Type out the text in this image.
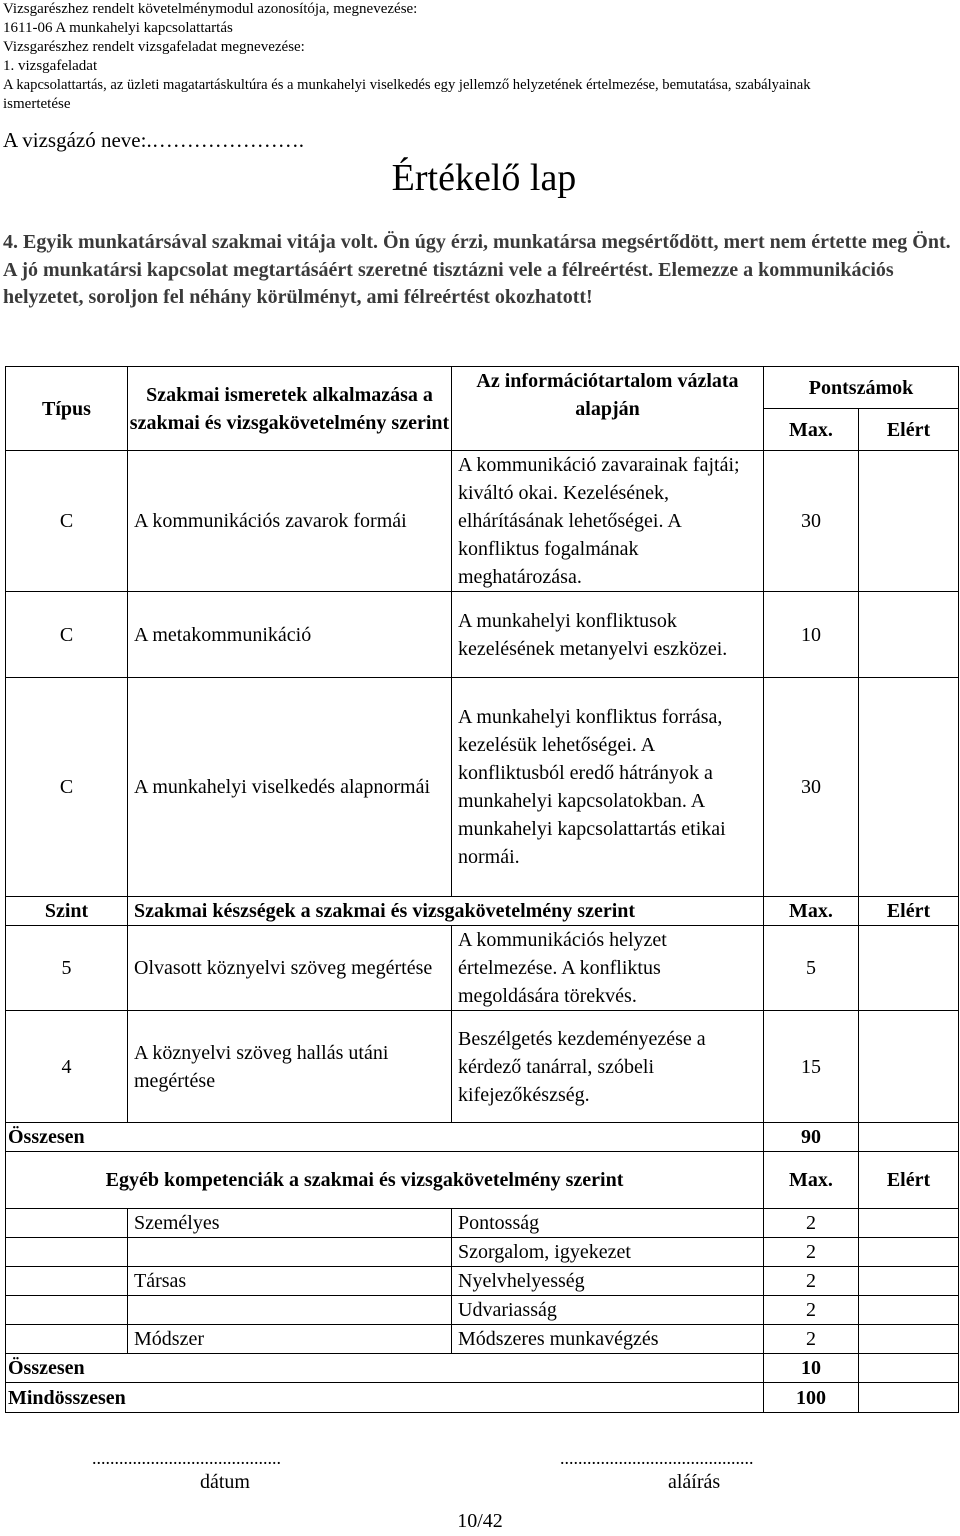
Vizsgarészhez rendelt követelménymodul azonosítója, megnevezése:
1611-06 A munkahelyi kapcsolattartás
Vizsgarészhez rendelt vizsgafeladat megnevezése:
1. vizsgafeladat
A kapcsolattartás, az üzleti magatartáskultúra és a munkahelyi viselkedés egy jellemző helyzetének értelmezése, bemutatása, szabályainak
ismertetése
A vizsgázó neve:.………………….
Értékelő lap
4. Egyik munkatársával szakmai vitája volt. Ön úgy érzi, munkatársa megsértődött, mert nem értette meg Önt. A jó munkatársi kapcsolat megtartásáért szeretné tisztázni vele a félreértést. Elemezze a kommunikációs helyzetet, soroljon fel néhány körülményt, ami félreértést okozhatott!
Típus	Szakmai ismeretek alkalmazása a szakmai és vizsgakövetelmény szerint	Az információtartalom vázlata alapján	Pontszámok	
			Max.	Elért
C	A kommunikációs zavarok formái	A kommunikáció zavarainak fajtái; kiváltó okai. Kezelésének, elhárításának lehetőségei. A konfliktus fogalmának meghatározása.	30	
C	A metakommunikáció	A munkahelyi konfliktusok kezelésének metanyelvi eszközei.	10	
C	A munkahelyi viselkedés alapnormái	A munkahelyi konfliktus forrása, kezelésük lehetőségei. A konfliktusból eredő hátrányok a munkahelyi kapcsolatokban. A munkahelyi kapcsolattartás etikai normái.	30	
Szint	Szakmai készségek a szakmai és vizsgakövetelmény szerint		Max.	Elért
5	Olvasott köznyelvi szöveg megértése	A kommunikációs helyzet értelmezése. A konfliktus megoldására törekvés.	5	
4	A köznyelvi szöveg hallás utáni megértése	Beszélgetés kezdeményezése a kérdező tanárral, szóbeli kifejezőkészség.	15	
Összesen			90	
Egyéb kompetenciák a szakmai és vizsgakövetelmény szerint			Max.	Elért
	Személyes	Pontosság	2	
		Szorgalom, igyekezet	2	
	Társas	Nyelvhelyesség	2	
		Udvariasság	2	
	Módszer	Módszeres munkavégzés	2	
Összesen			10	
Mindösszesen			100	
..........................................
dátum
...........................................
aláírás
10/42
